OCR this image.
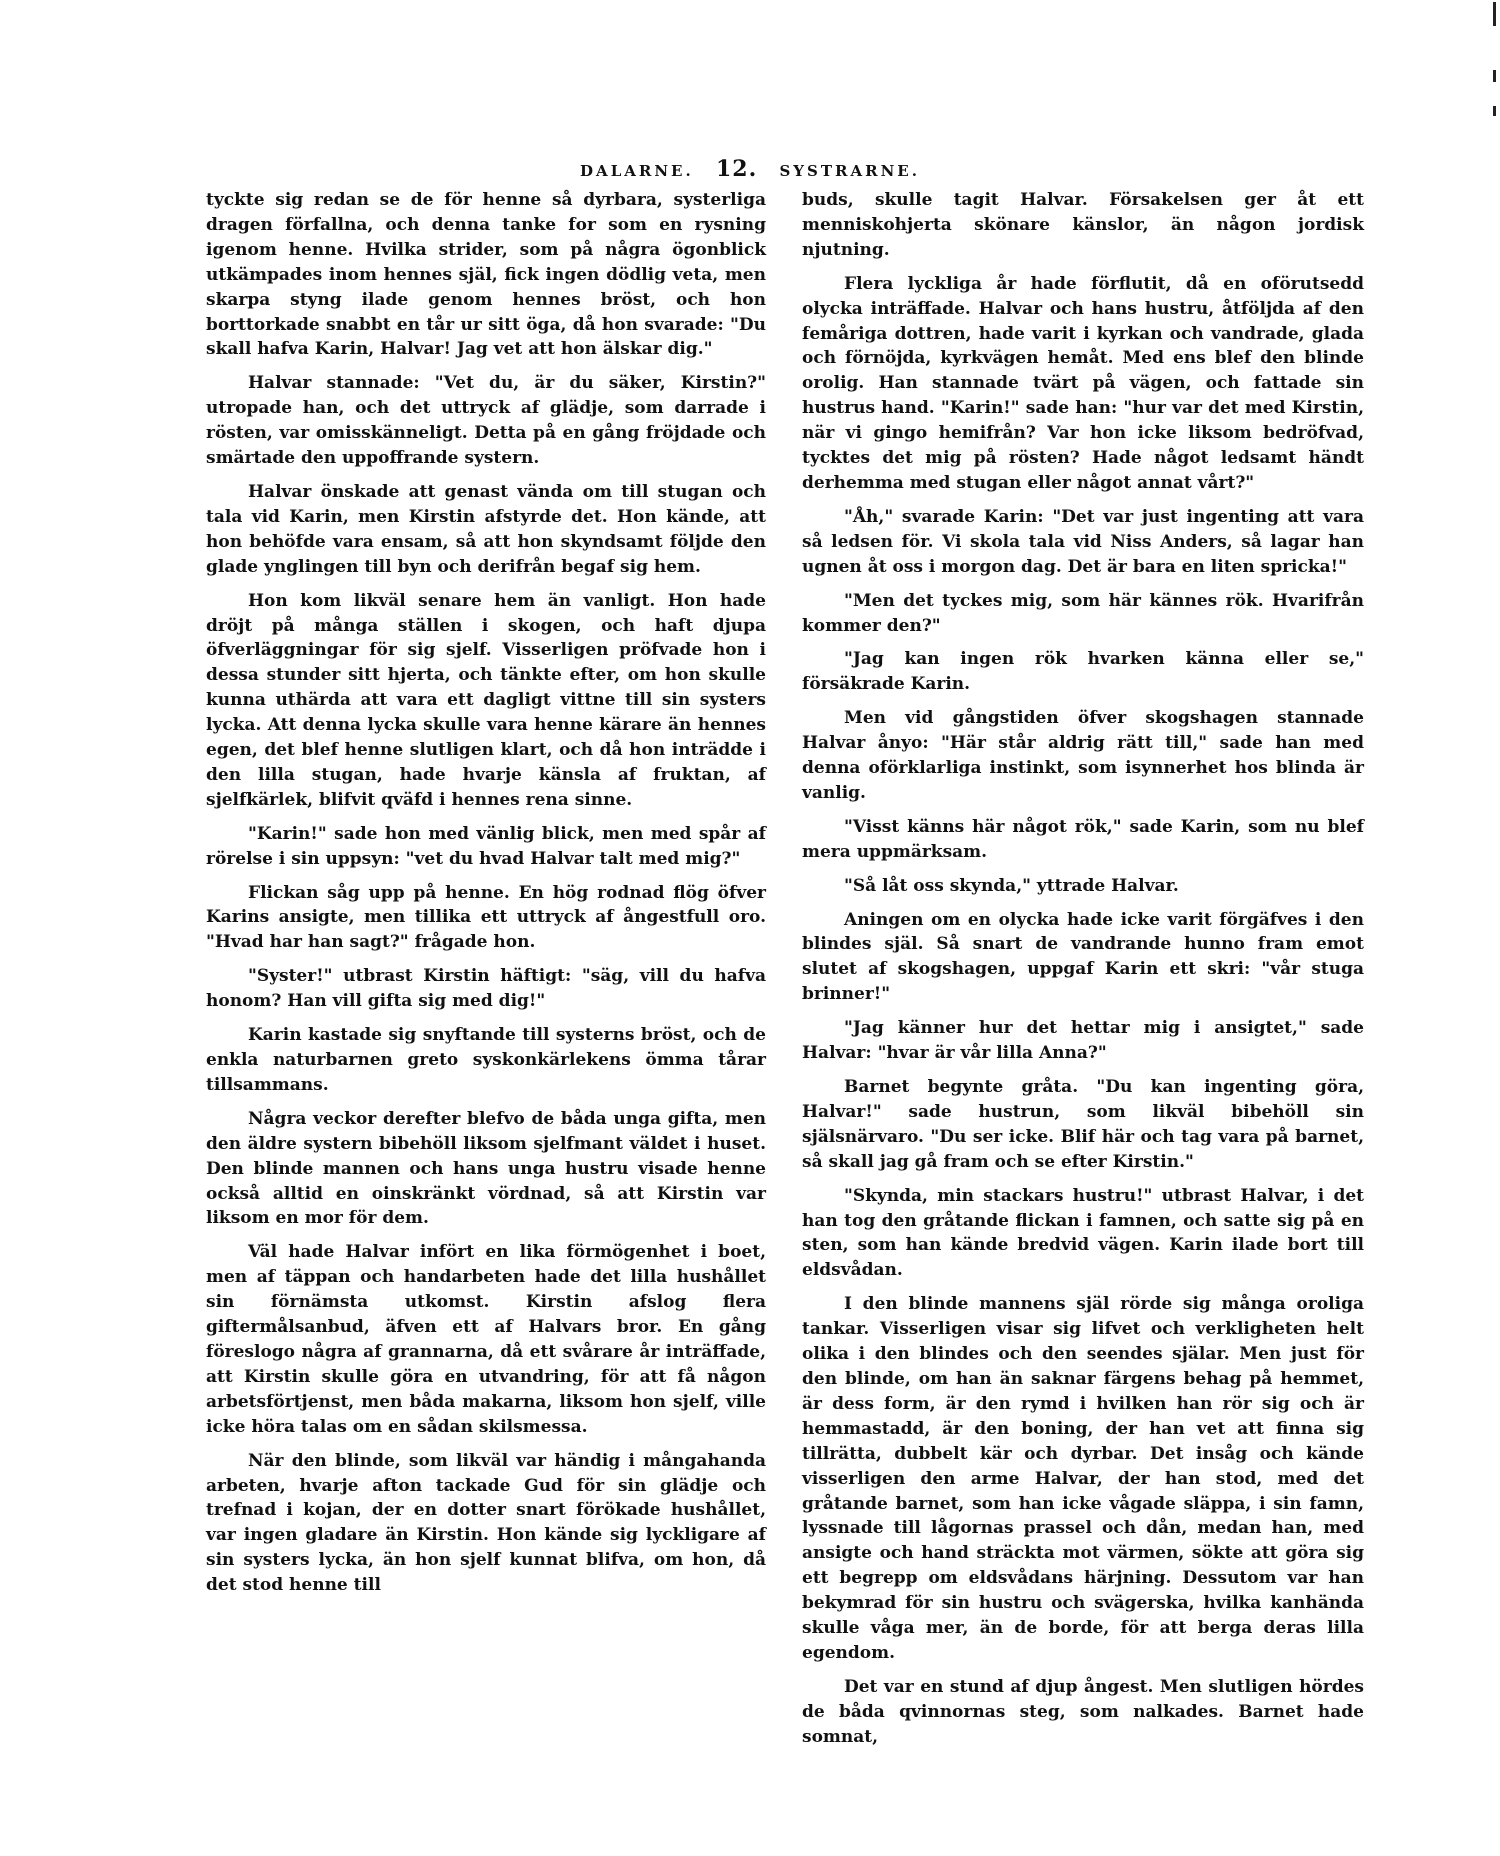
DALARNE. 12. SYSTRARNE.

tyckte sig redan se de för henne så dyrbara, systerliga dragen förfallna, och denna tanke for som en rysning igenom henne. Hvilka strider, som på några ögonblick utkämpades inom hennes själ, fick ingen dödlig veta, men skarpa styng ilade genom hennes bröst, och hon borttorkade snabbt en tår ur sitt öga, då hon svarade: "Du skall hafva Karin, Halvar! Jag vet att hon älskar dig."

Halvar stannade: "Vet du, är du säker, Kirstin?" utropade han, och det uttryck af glädje, som darrade i rösten, var omisskänneligt. Detta på en gång fröjdade och smärtade den uppoffrande systern.

Halvar önskade att genast vända om till stugan och tala vid Karin, men Kirstin afstyrde det. Hon kände, att hon behöfde vara ensam, så att hon skyndsamt följde den glade ynglingen till byn och derifrån begaf sig hem.

Hon kom likväl senare hem än vanligt. Hon hade dröjt på många ställen i skogen, och haft djupa öfverläggningar för sig sjelf. Visserligen pröfvade hon i dessa stunder sitt hjerta, och tänkte efter, om hon skulle kunna uthärda att vara ett dagligt vittne till sin systers lycka. Att denna lycka skulle vara henne kärare än hennes egen, det blef henne slutligen klart, och då hon inträdde i den lilla stugan, hade hvarje känsla af fruktan, af sjelfkärlek, blifvit qväfd i hennes rena sinne.

"Karin!" sade hon med vänlig blick, men med spår af rörelse i sin uppsyn: "vet du hvad Halvar talt med mig?"

Flickan såg upp på henne. En hög rodnad flög öfver Karins ansigte, men tillika ett uttryck af ångestfull oro. "Hvad har han sagt?" frågade hon.

"Syster!" utbrast Kirstin häftigt: "säg, vill du hafva honom? Han vill gifta sig med dig!"

Karin kastade sig snyftande till systerns bröst, och de enkla naturbarnen greto syskonkärlekens ömma tårar tillsammans.

Några veckor derefter blefvo de båda unga gifta, men den äldre systern bibehöll liksom sjelfmant väldet i huset. Den blinde mannen och hans unga hustru visade henne också alltid en oinskränkt vördnad, så att Kirstin var liksom en mor för dem.

Väl hade Halvar infört en lika förmögenhet i boet, men af täppan och handarbeten hade det lilla hushållet sin förnämsta utkomst. Kirstin afslog flera giftermålsanbud, äfven ett af Halvars bror. En gång föreslogo några af grannarna, då ett svårare år inträffade, att Kirstin skulle göra en utvandring, för att få någon arbetsförtjenst, men båda makarna, liksom hon sjelf, ville icke höra talas om en sådan skilsmessa.

När den blinde, som likväl var händig i mångahanda arbeten, hvarje afton tackade Gud för sin glädje och trefnad i kojan, der en dotter snart förökade hushållet, var ingen gladare än Kirstin. Hon kände sig lyckligare af sin systers lycka, än hon sjelf kunnat blifva, om hon, då det stod henne till

buds, skulle tagit Halvar. Försakelsen ger åt ett menniskohjerta skönare känslor, än någon jordisk njutning.

Flera lyckliga år hade förflutit, då en oförutsedd olycka inträffade. Halvar och hans hustru, åtföljda af den femåriga dottren, hade varit i kyrkan och vandrade, glada och förnöjda, kyrkvägen hemåt. Med ens blef den blinde orolig. Han stannade tvärt på vägen, och fattade sin hustrus hand. "Karin!" sade han: "hur var det med Kirstin, när vi gingo hemifrån? Var hon icke liksom bedröfvad, tycktes det mig på rösten? Hade något ledsamt händt derhemma med stugan eller något annat vårt?"

"Åh," svarade Karin: "Det var just ingenting att vara så ledsen för. Vi skola tala vid Niss Anders, så lagar han ugnen åt oss i morgon dag. Det är bara en liten spricka!"

"Men det tyckes mig, som här kännes rök. Hvarifrån kommer den?"

"Jag kan ingen rök hvarken känna eller se," försäkrade Karin.

Men vid gångstiden öfver skogshagen stannade Halvar ånyo: "Här står aldrig rätt till," sade han med denna oförklarliga instinkt, som isynnerhet hos blinda är vanlig.

"Visst känns här något rök," sade Karin, som nu blef mera uppmärksam.

"Så låt oss skynda," yttrade Halvar.

Aningen om en olycka hade icke varit förgäfves i den blindes själ. Så snart de vandrande hunno fram emot slutet af skogshagen, uppgaf Karin ett skri: "vår stuga brinner!"

"Jag känner hur det hettar mig i ansigtet," sade Halvar: "hvar är vår lilla Anna?"

Barnet begynte gråta. "Du kan ingenting göra, Halvar!" sade hustrun, som likväl bibehöll sin själsnärvaro. "Du ser icke. Blif här och tag vara på barnet, så skall jag gå fram och se efter Kirstin."

"Skynda, min stackars hustru!" utbrast Halvar, i det han tog den gråtande flickan i famnen, och satte sig på en sten, som han kände bredvid vägen. Karin ilade bort till eldsvådan.

I den blinde mannens själ rörde sig många oroliga tankar. Visserligen visar sig lifvet och verkligheten helt olika i den blindes och den seendes själar. Men just för den blinde, om han än saknar färgens behag på hemmet, är dess form, är den rymd i hvilken han rör sig och är hemmastadd, är den boning, der han vet att finna sig tillrätta, dubbelt kär och dyrbar. Det insåg och kände visserligen den arme Halvar, der han stod, med det gråtande barnet, som han icke vågade släppa, i sin famn, lyssnade till lågornas prassel och dån, medan han, med ansigte och hand sträckta mot värmen, sökte att göra sig ett begrepp om eldsvådans härjning. Dessutom var han bekymrad för sin hustru och svägerska, hvilka kanhända skulle våga mer, än de borde, för att berga deras lilla egendom.

Det var en stund af djup ångest. Men slutligen hördes de båda qvinnornas steg, som nalkades. Barnet hade somnat,
